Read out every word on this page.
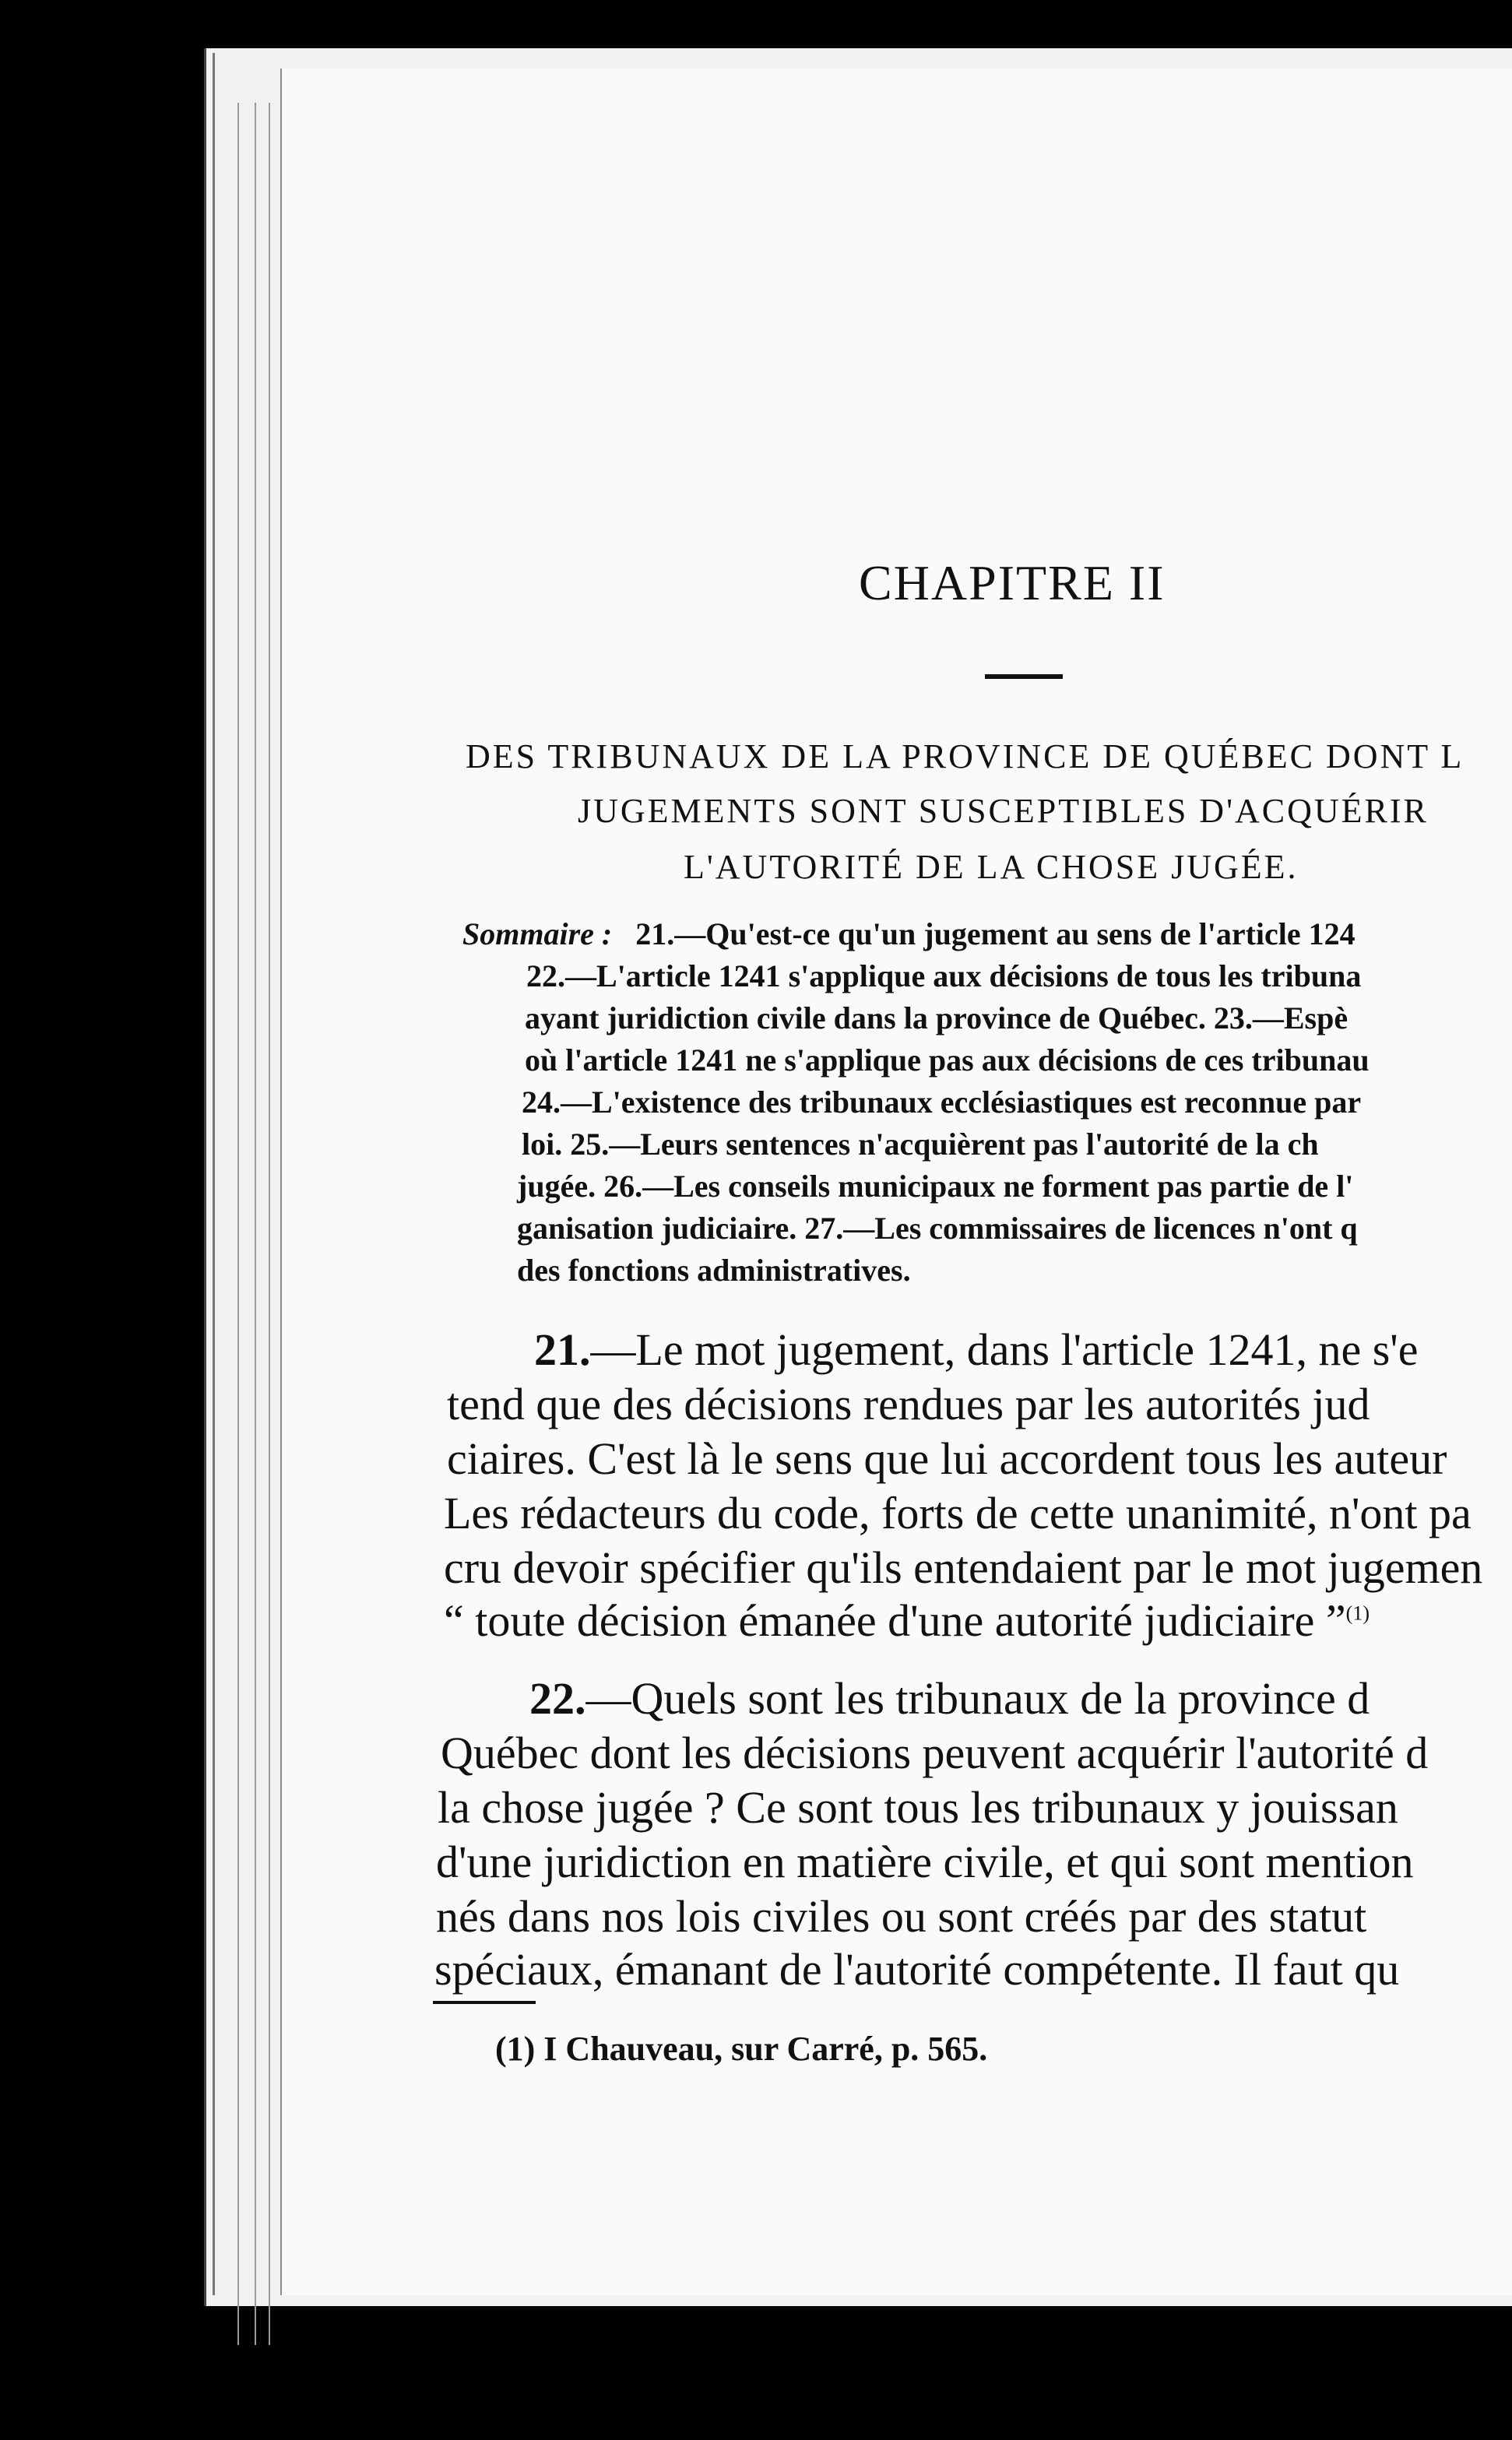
CHAPITRE II
DES TRIBUNAUX DE LA PROVINCE DE QUÉBEC DONT L
JUGEMENTS SONT SUSCEPTIBLES D'ACQUÉRIR
L'AUTORITÉ DE LA CHOSE JUGÉE.
Sommaire : 21.—Qu'est-ce qu'un jugement au sens de l'article 124
22.—L'article 1241 s'applique aux décisions de tous les tribuna
ayant juridiction civile dans la province de Québec. 23.—Espè
où l'article 1241 ne s'applique pas aux décisions de ces tribunau
24.—L'existence des tribunaux ecclésiastiques est reconnue par
loi. 25.—Leurs sentences n'acquièrent pas l'autorité de la ch
jugée. 26.—Les conseils municipaux ne forment pas partie de l'
ganisation judiciaire. 27.—Les commissaires de licences n'ont q
des fonctions administratives.
21.—Le mot jugement, dans l'article 1241, ne s'e
tend que des décisions rendues par les autorités jud
ciaires. C'est là le sens que lui accordent tous les auteur
Les rédacteurs du code, forts de cette unanimité, n'ont pa
cru devoir spécifier qu'ils entendaient par le mot jugemen
“ toute décision émanée d'une autorité judiciaire ”$^{(1)}$
22.—Quels sont les tribunaux de la province d
Québec dont les décisions peuvent acquérir l'autorité d
la chose jugée ? Ce sont tous les tribunaux y jouissan
d'une juridiction en matière civile, et qui sont mention
nés dans nos lois civiles ou sont créés par des statut
spéciaux, émanant de l'autorité compétente. Il faut qu
(1) I Chauveau, sur Carré, p. 565.
